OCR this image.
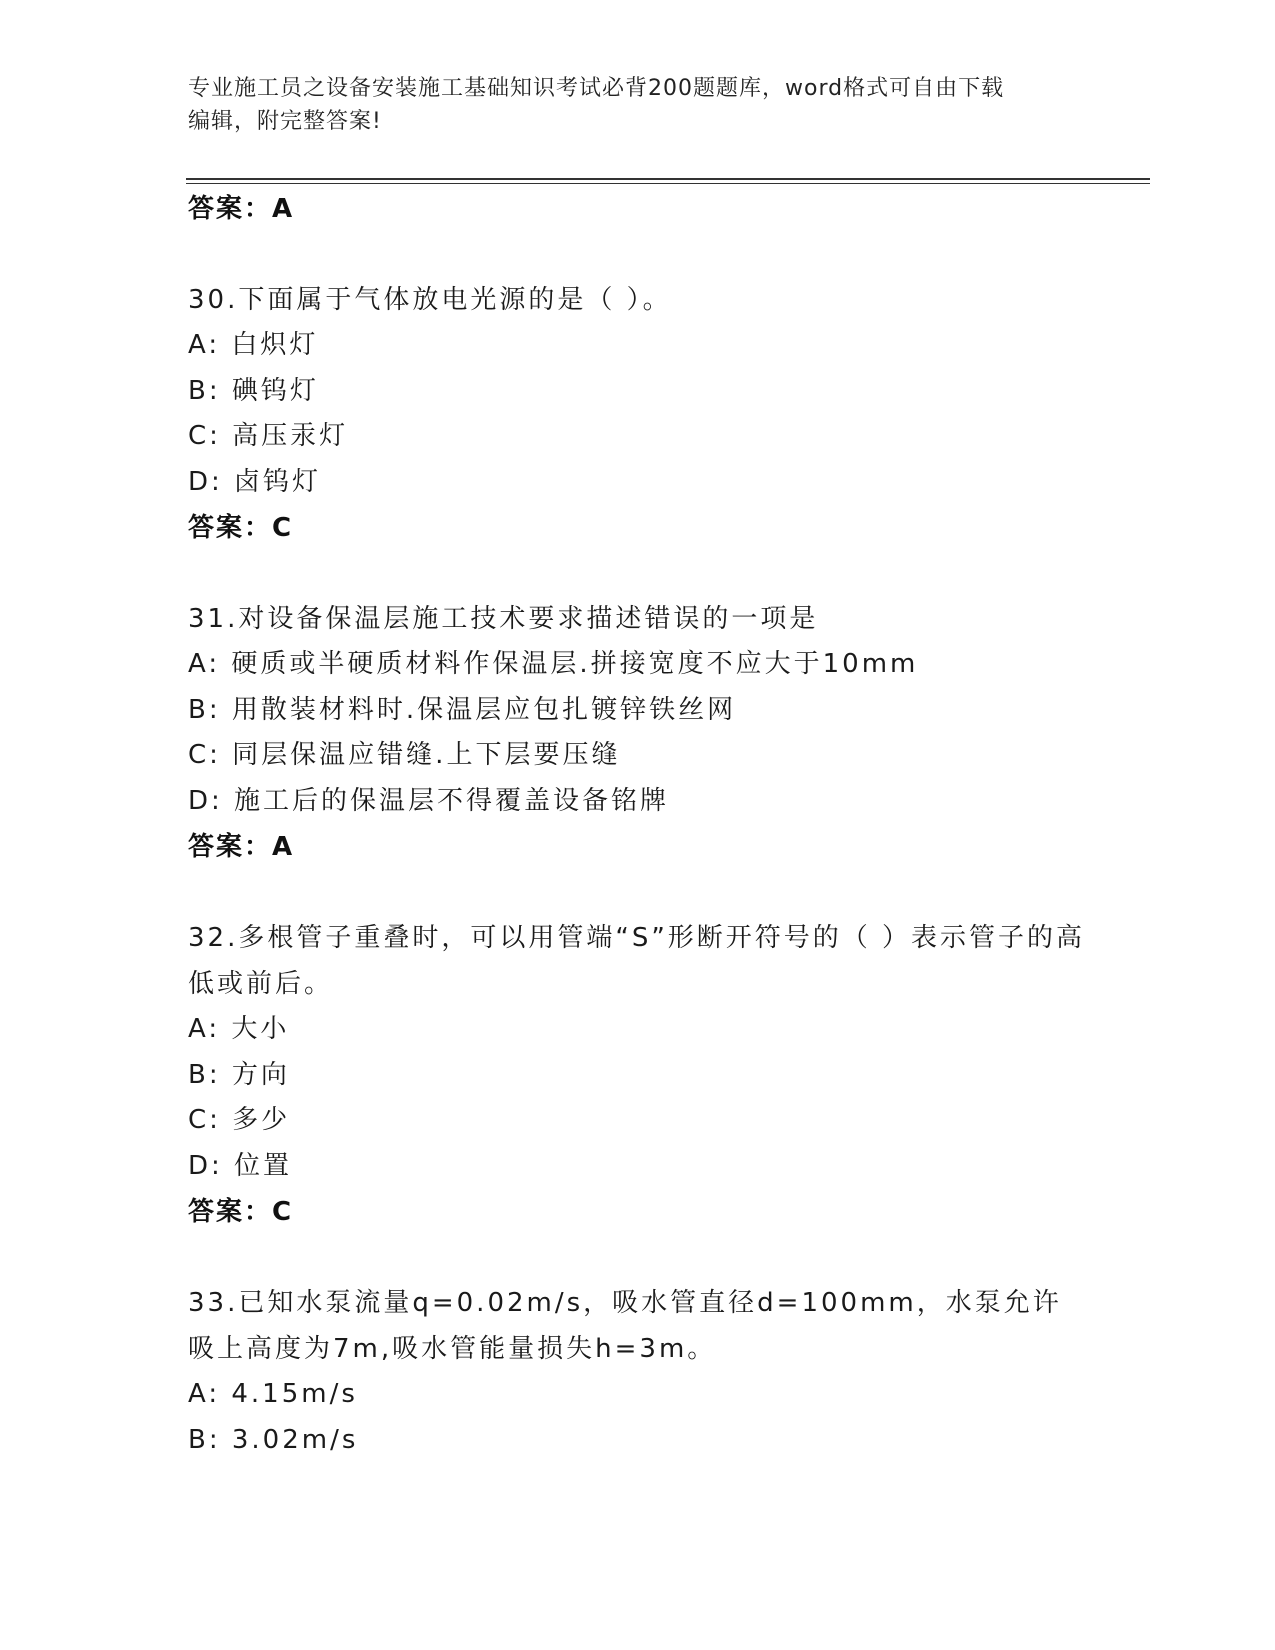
专业施工员之设备安装施工基础知识考试必背200题题库，word格式可自由下载
编辑，附完整答案!
答案：A
30.下面属于气体放电光源的是（ ）。
A: 白炽灯
B: 碘钨灯
C: 高压汞灯
D: 卤钨灯
答案：C
31.对设备保温层施工技术要求描述错误的一项是
A: 硬质或半硬质材料作保温层.拼接宽度不应大于10mm
B: 用散装材料时.保温层应包扎镀锌铁丝网
C: 同层保温应错缝.上下层要压缝
D: 施工后的保温层不得覆盖设备铭牌
答案：A
32.多根管子重叠时，可以用管端“S”形断开符号的（ ）表示管子的高低或前后。
A: 大小
B: 方向
C: 多少
D: 位置
答案：C
33.已知水泵流量q=0.02m/s，吸水管直径d=100mm，水泵允许吸上高度为7m,吸水管能量损失h=3m。
A: 4.15m/s
B: 3.02m/s
